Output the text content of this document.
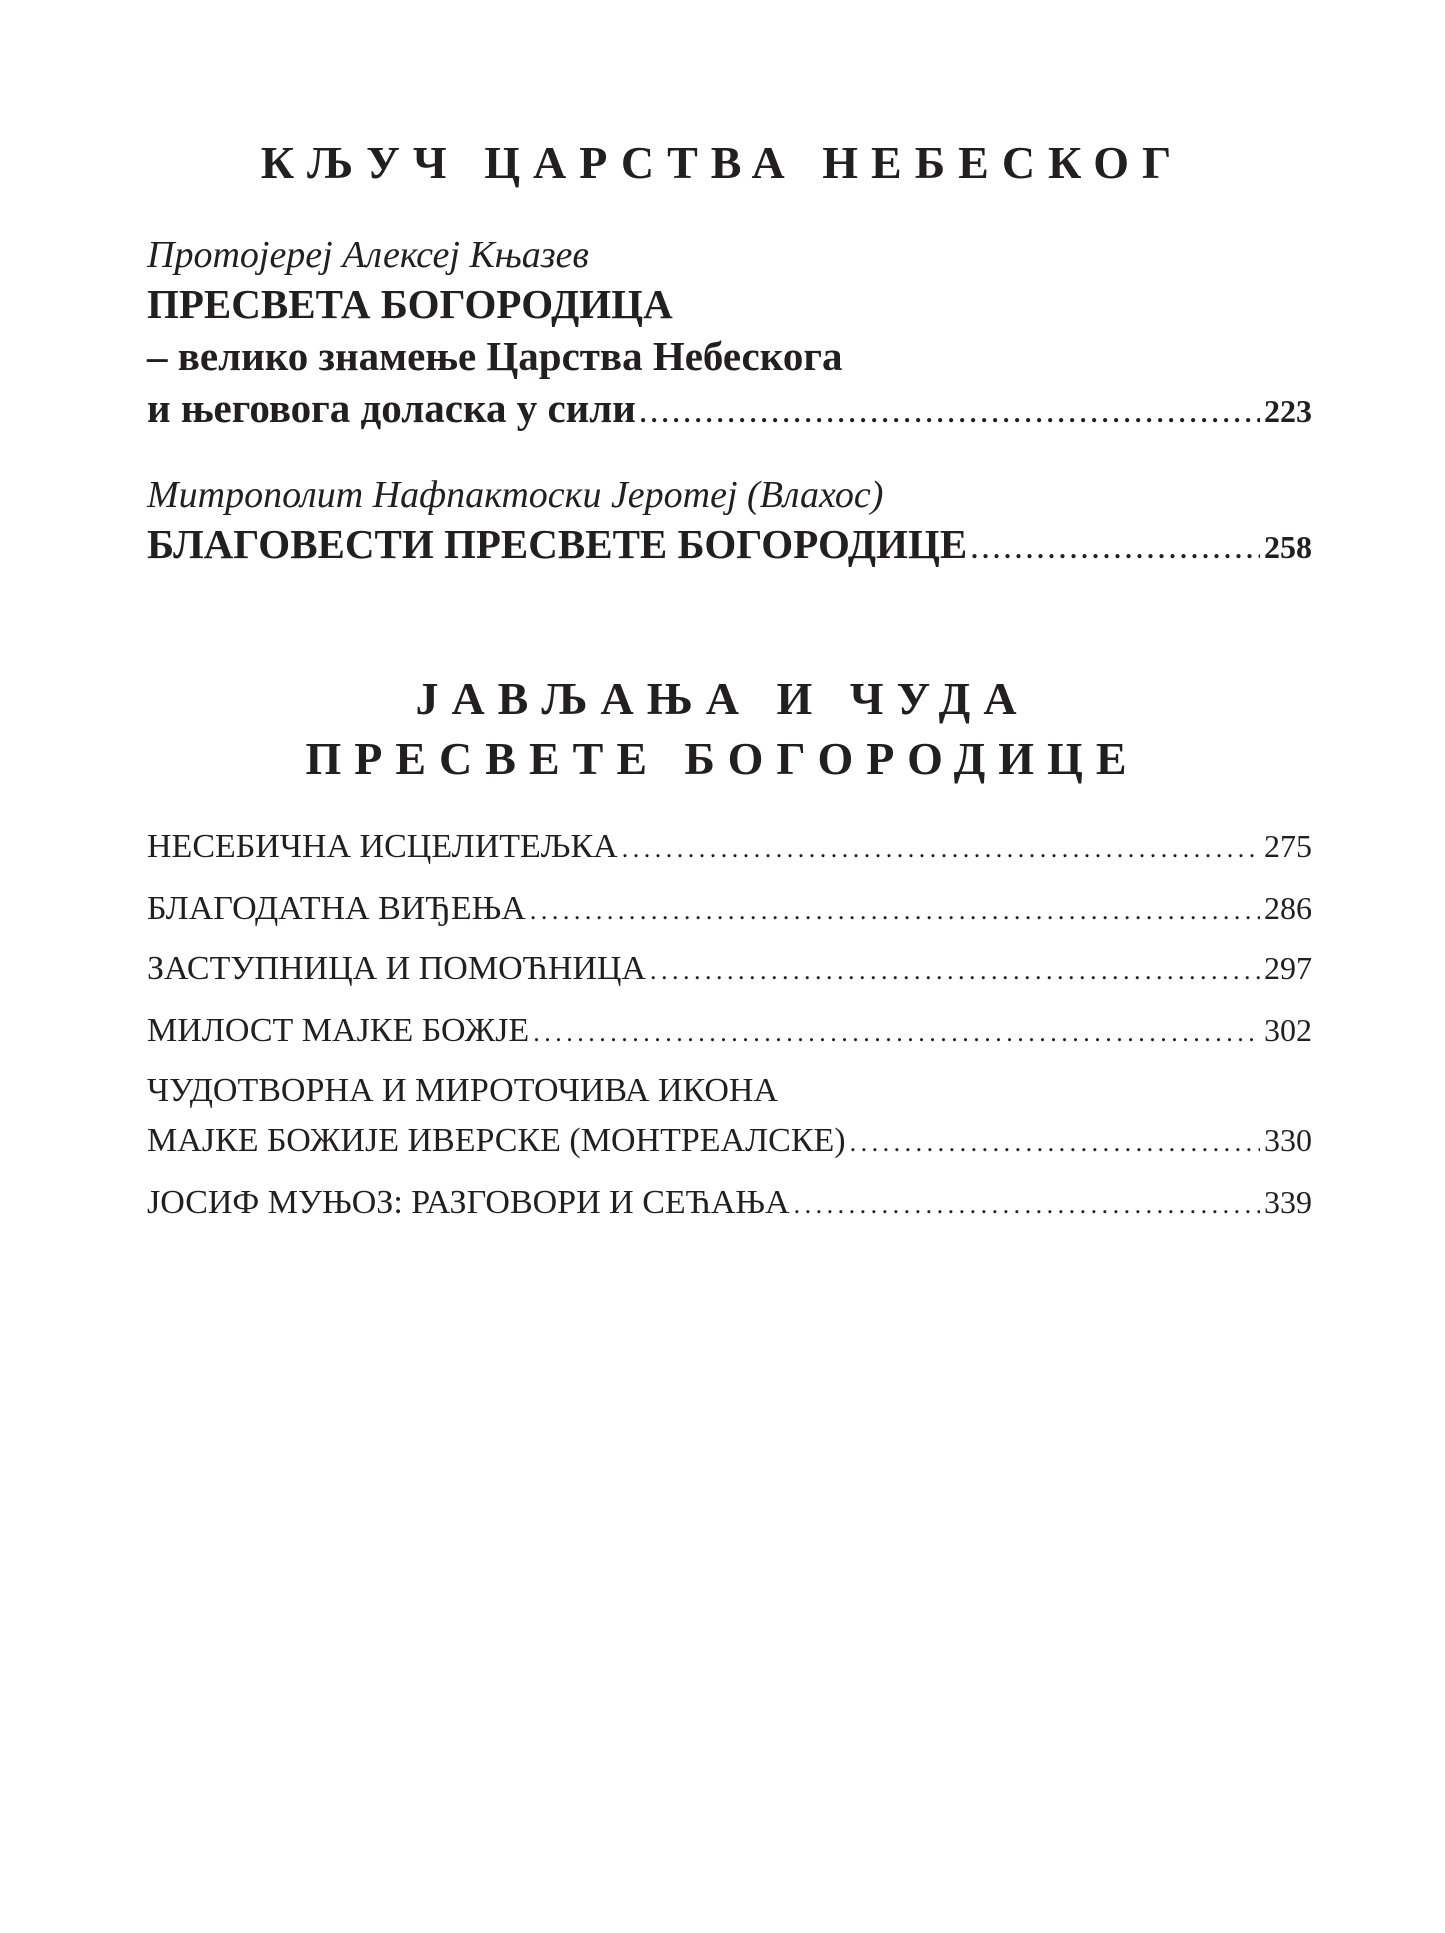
КЉУЧ ЦАРСТВА НЕБЕСКОГ
Протојереј Алексеј Књазев
ПРЕСВЕТА БОГОРОДИЦА
– велико знамење Царства Небескога
и његовога доласка у сили . . .	223
Митрополит Нафпактоски Јеротеј (Влахос)
БЛАГОВЕСТИ ПРЕСВЕТЕ БОГОРОДИЦЕ . . .	258
ЈАВЉАЊА И ЧУДА
ПРЕСВЕТЕ БОГОРОДИЦЕ
НЕСЕБИЧНА ИСЦЕЛИТЕЉКА . . .	275
БЛАГОДАТНА ВИЂЕЊА . . .	286
ЗАСТУПНИЦА И ПОМОЋНИЦА . . .	297
МИЛОСТ МАЈКЕ БОЖЈЕ . . .	302
ЧУДОТВОРНА И МИРОТОЧИВА ИКОНА
МАЈКЕ БОЖИЈЕ ИВЕРСКЕ (МОНТРЕАЛСКЕ) . . .	330
ЈОСИФ МУЊОЗ: РАЗГОВОРИ И СЕЋАЊА . . .	339
